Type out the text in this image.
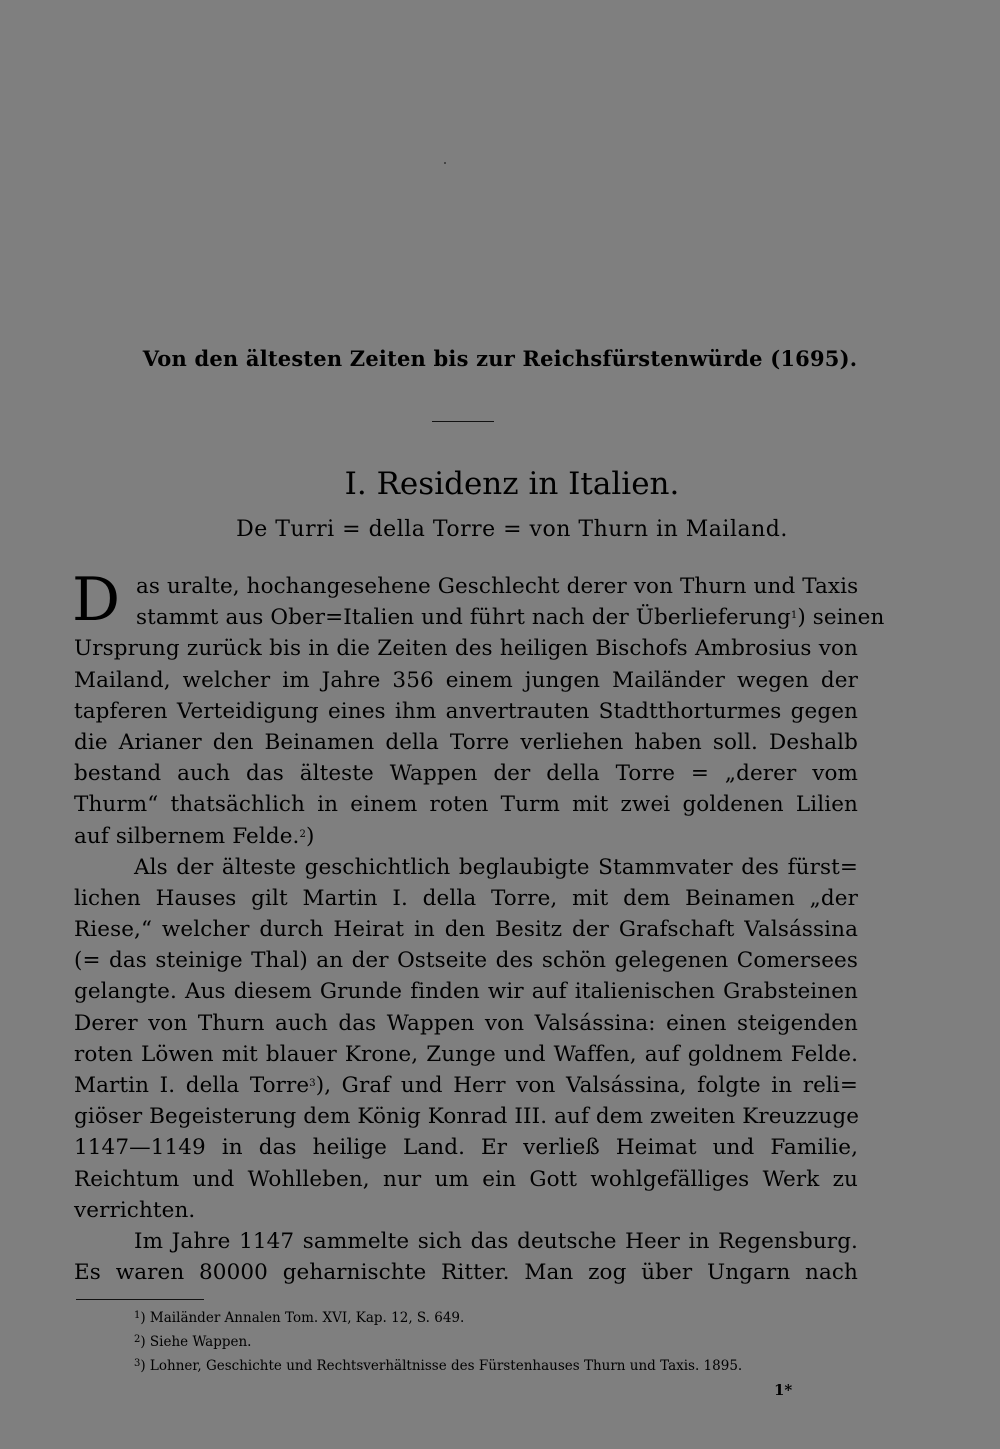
Von den ältesten Zeiten bis zur Reichsfürstenwürde (1695).
I. Residenz in Italien.
De Turri = della Torre = von Thurn in Mailand.
D as uralte, hochangesehene Geschlecht derer von Thurn und Taxis
stammt aus Ober=Italien und führt nach der Überlieferung$^1$) seinen
Ursprung zurück bis in die Zeiten des heiligen Bischofs Ambrosius von
Mailand, welcher im Jahre 356 einem jungen Mailänder wegen der
tapferen Verteidigung eines ihm anvertrauten Stadtthorturmes gegen
die Arianer den Beinamen della Torre verliehen haben soll. Deshalb
bestand auch das älteste Wappen der della Torre = „derer vom
Thurm“ thatsächlich in einem roten Turm mit zwei goldenen Lilien
auf silbernem Felde.$^2$)
Als der älteste geschichtlich beglaubigte Stammvater des fürst=
lichen Hauses gilt Martin I. della Torre, mit dem Beinamen „der
Riese,“ welcher durch Heirat in den Besitz der Grafschaft Valsássina
(= das steinige Thal) an der Ostseite des schön gelegenen Comersees
gelangte. Aus diesem Grunde finden wir auf italienischen Grabsteinen
Derer von Thurn auch das Wappen von Valsássina: einen steigenden
roten Löwen mit blauer Krone, Zunge und Waffen, auf goldnem Felde.
Martin I. della Torre$^3$), Graf und Herr von Valsássina, folgte in reli=
giöser Begeisterung dem König Konrad III. auf dem zweiten Kreuzzuge
1147—1149 in das heilige Land. Er verließ Heimat und Familie,
Reichtum und Wohlleben, nur um ein Gott wohlgefälliges Werk zu
verrichten.
Im Jahre 1147 sammelte sich das deutsche Heer in Regensburg.
Es waren 80000 geharnischte Ritter. Man zog über Ungarn nach
$^1$) Mailänder Annalen Tom. XVI, Kap. 12, S. 649.
$^2$) Siehe Wappen.
$^3$) Lohner, Geschichte und Rechtsverhältnisse des Fürstenhauses Thurn und Taxis. 1895.
1*
